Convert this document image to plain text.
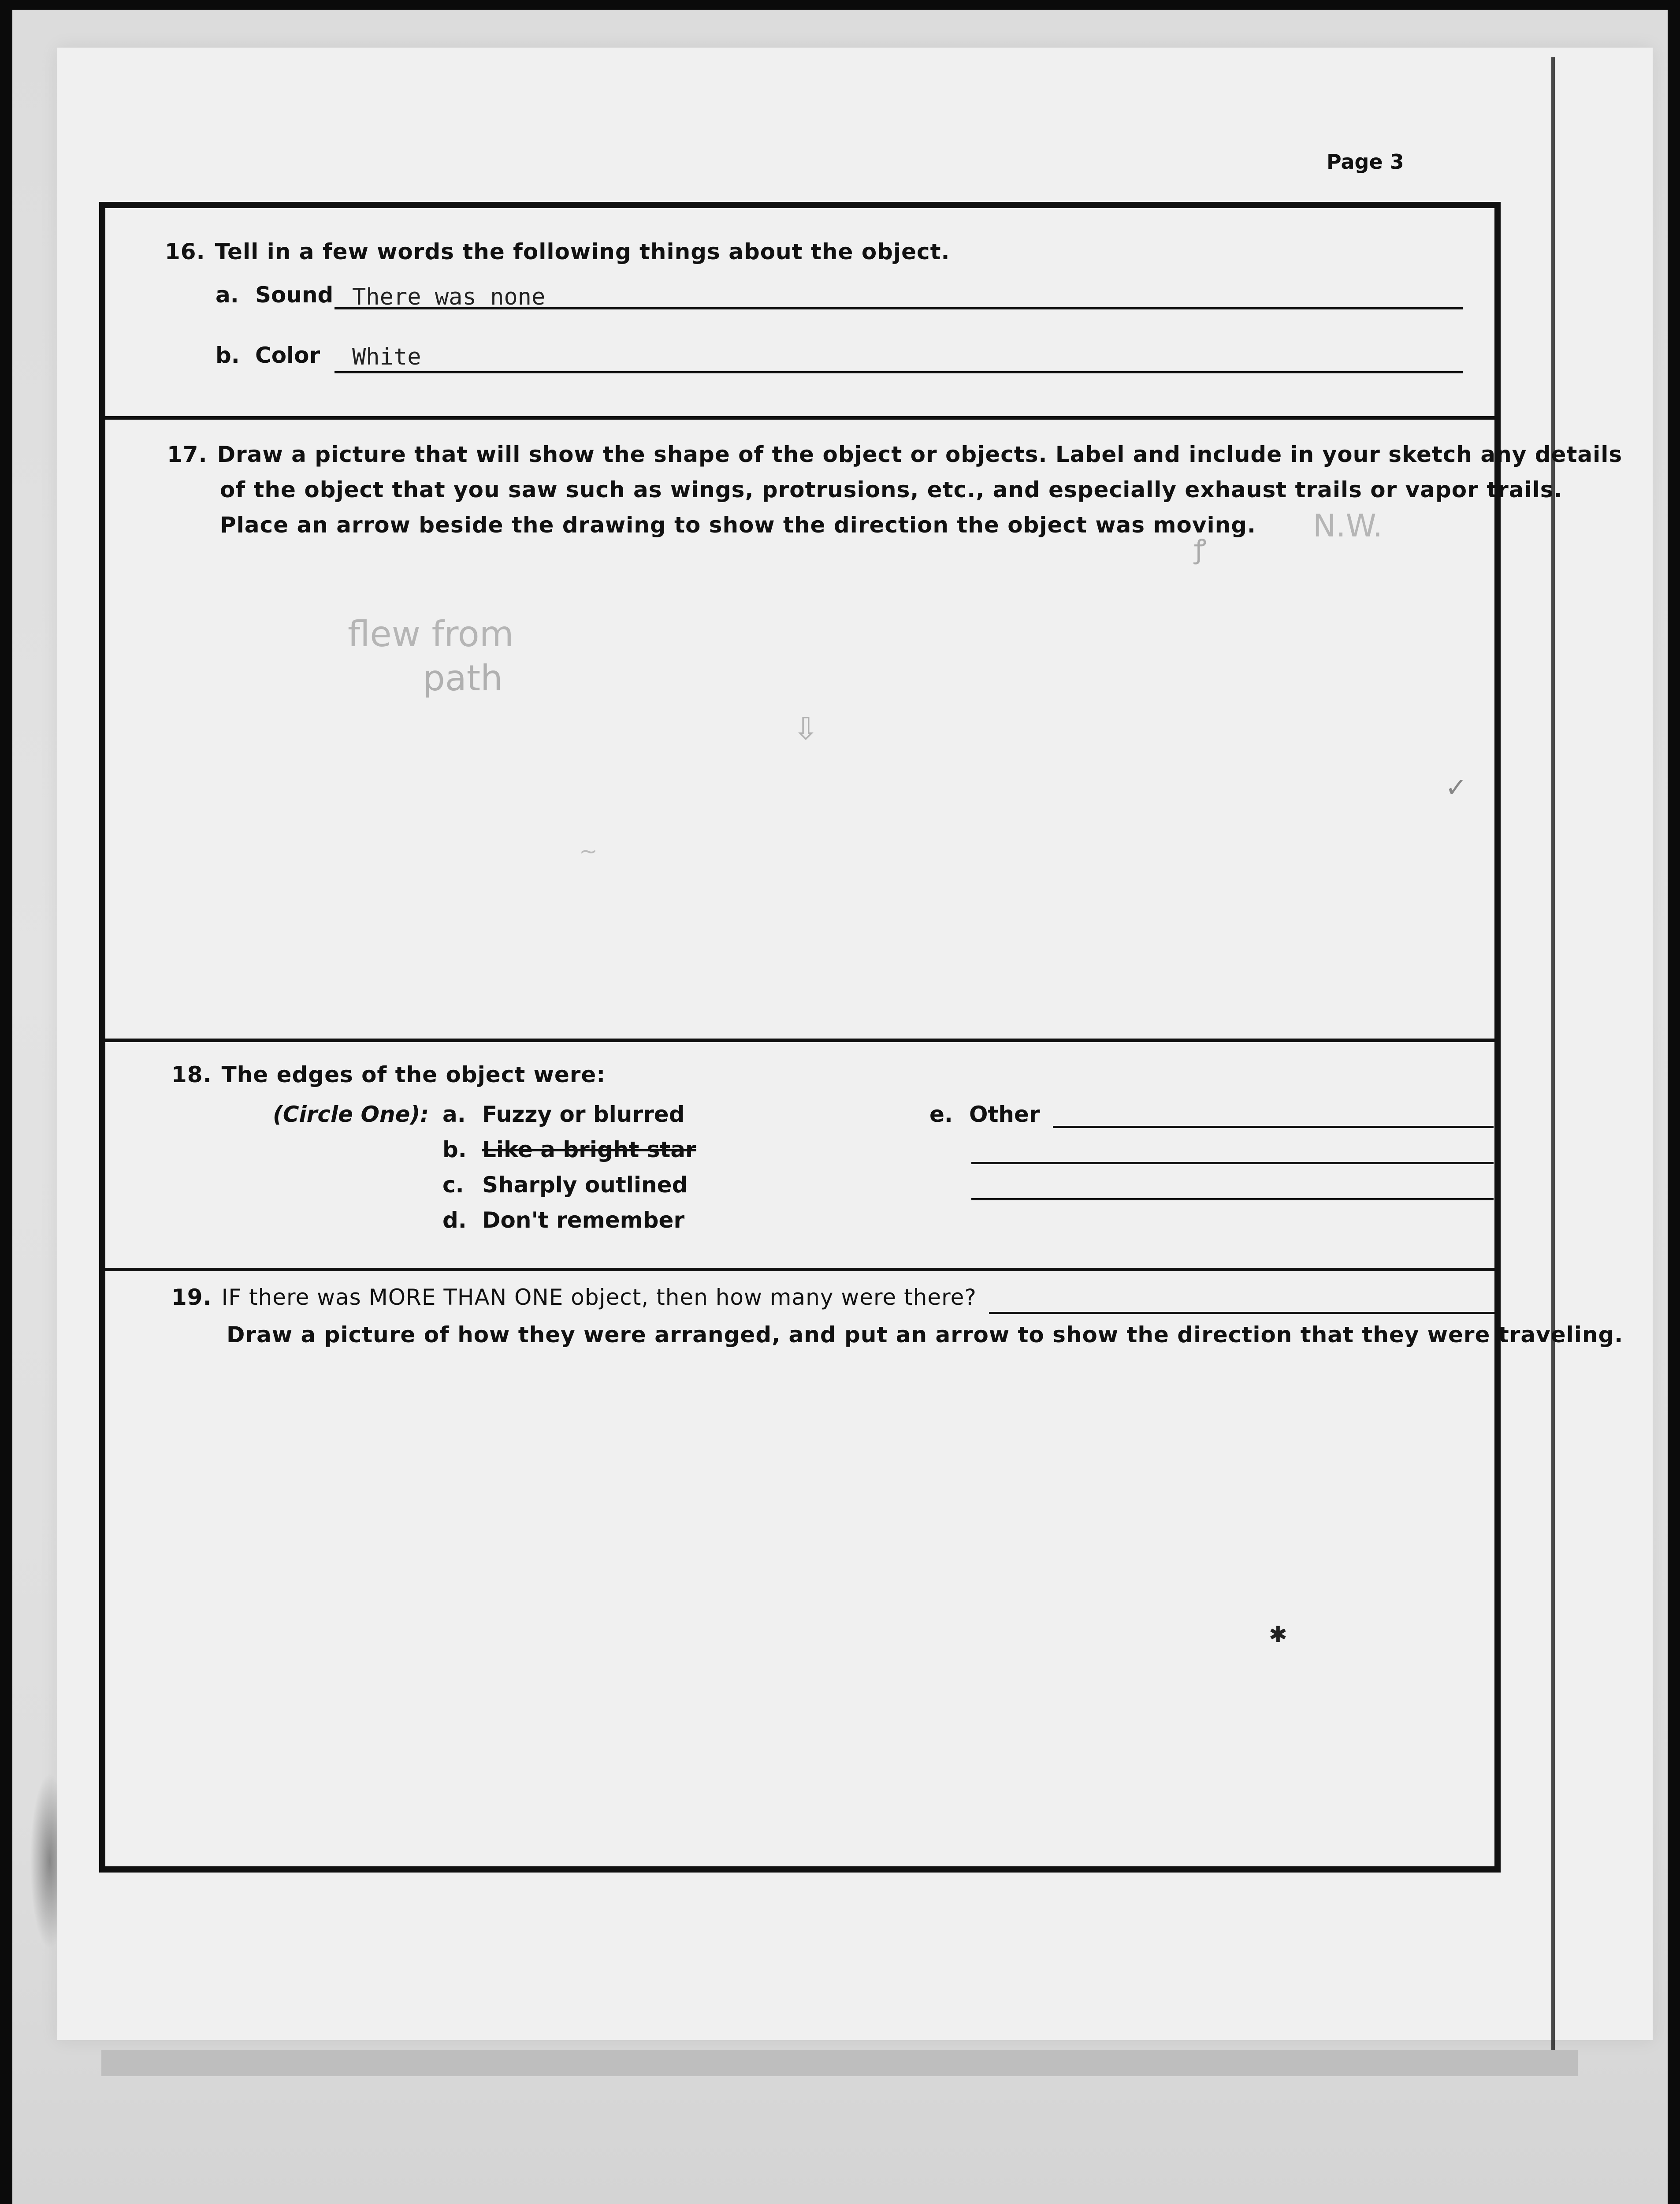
Page 3
16. Tell in a few words the following things about the object.
a. Sound There was none
b. Color White
17. Draw a picture that will show the shape of the object or objects. Label and include in your sketch any details
of the object that you saw such as wings, protrusions, etc., and especially exhaust trails or vapor trails.
Place an arrow beside the drawing to show the direction the object was moving.
flew from
path
N.W.
ꝭ
⇩
✓
~
18. The edges of the object were:
(Circle One): a. Fuzzy or blurred
b. Like a bright star
c. Sharply outlined
d. Don't remember
e. Other
19. IF there was MORE THAN ONE object, then how many were there?
Draw a picture of how they were arranged, and put an arrow to show the direction that they were traveling.
✱
